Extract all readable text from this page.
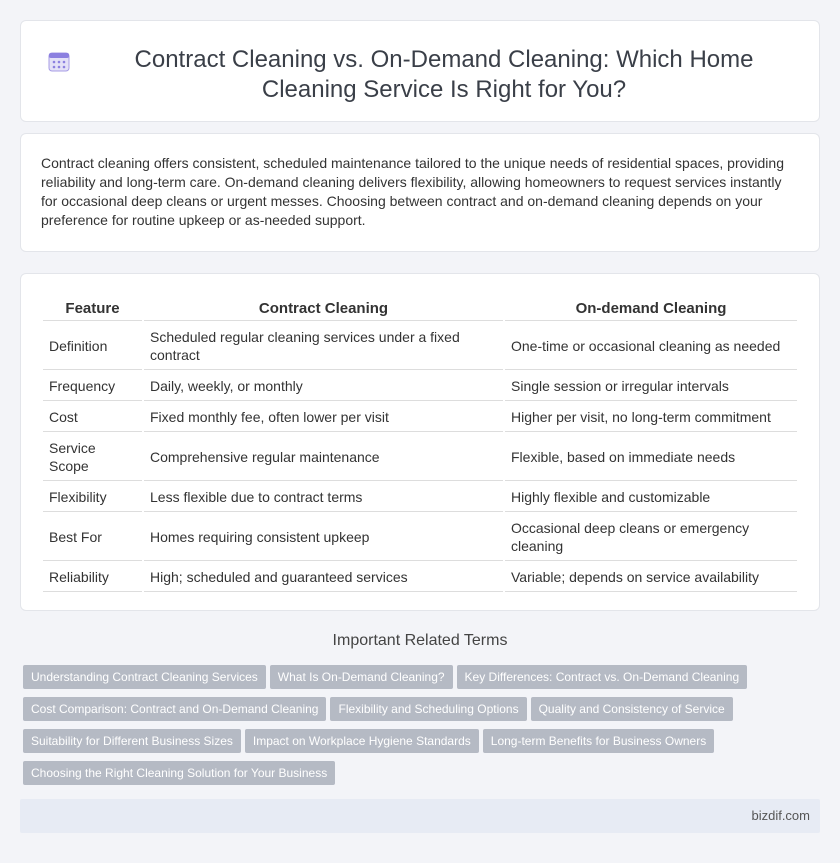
Contract Cleaning vs. On-Demand Cleaning: Which Home Cleaning Service Is Right for You?

Contract cleaning offers consistent, scheduled maintenance tailored to the unique needs of residential spaces, providing reliability and long-term care. On-demand cleaning delivers flexibility, allowing homeowners to request services instantly for occasional deep cleans or urgent messes. Choosing between contract and on-demand cleaning depends on your preference for routine upkeep or as-needed support.

Feature	Contract Cleaning	On-demand Cleaning
Definition	Scheduled regular cleaning services under a fixed contract	One-time or occasional cleaning as needed
Frequency	Daily, weekly, or monthly	Single session or irregular intervals
Cost	Fixed monthly fee, often lower per visit	Higher per visit, no long-term commitment
Service Scope	Comprehensive regular maintenance	Flexible, based on immediate needs
Flexibility	Less flexible due to contract terms	Highly flexible and customizable
Best For	Homes requiring consistent upkeep	Occasional deep cleans or emergency cleaning
Reliability	High; scheduled and guaranteed services	Variable; depends on service availability
Important Related Terms
Understanding Contract Cleaning Services What Is On-Demand Cleaning? Key Differences: Contract vs. On-Demand Cleaning
Cost Comparison: Contract and On-Demand Cleaning Flexibility and Scheduling Options Quality and Consistency of Service
Suitability for Different Business Sizes Impact on Workplace Hygiene Standards Long-term Benefits for Business Owners
Choosing the Right Cleaning Solution for Your Business
bizdif.com
